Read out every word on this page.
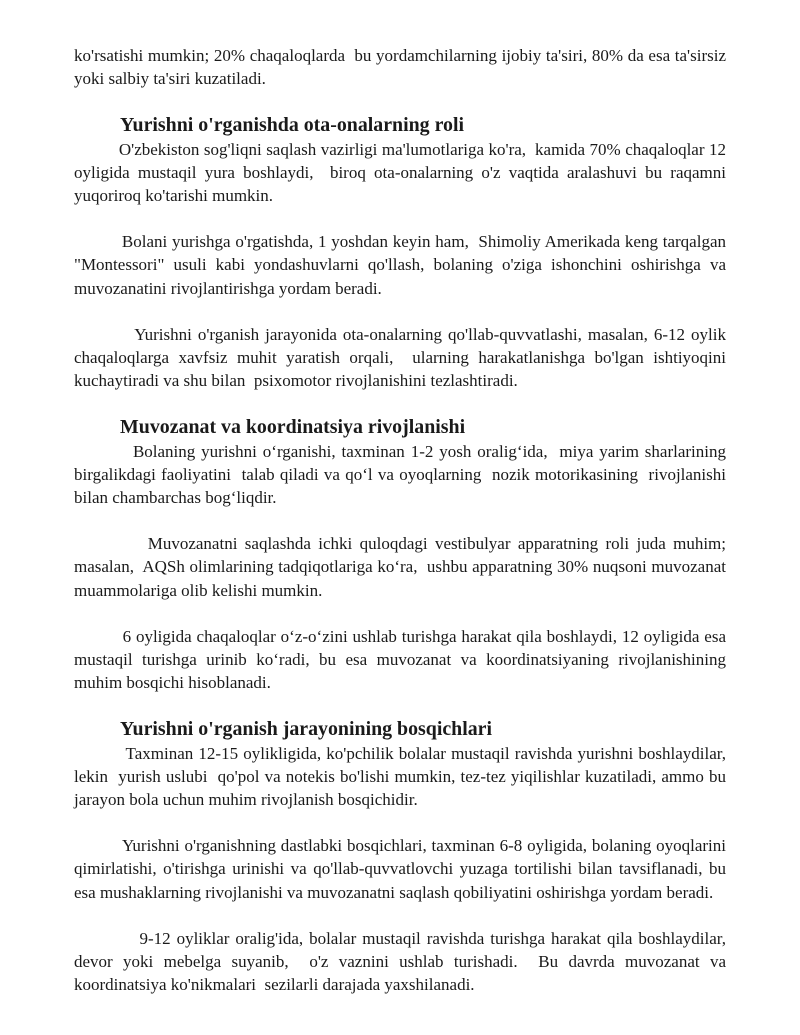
ko'rsatishi mumkin; 20% chaqaloqlarda  bu yordamchilarning ijobiy ta'siri, 80% da esa ta'sirsiz yoki salbiy ta'siri kuzatiladi.

Yurishni o'rganishda ota-onalarning roli

O'zbekiston sog'liqni saqlash vazirligi ma'lumotlariga ko'ra,  kamida 70% chaqaloqlar 12 oyligida mustaqil yura boshlaydi,  biroq ota-onalarning o'z vaqtida aralashuvi bu raqamni yuqoriroq ko'tarishi mumkin.

Bolani yurishga o'rgatishda, 1 yoshdan keyin ham,  Shimoliy Amerikada keng tarqalgan  "Montessori" usuli kabi yondashuvlarni qo'llash, bolaning o'ziga ishonchini oshirishga va muvozanatini rivojlantirishga yordam beradi.

Yurishni o'rganish jarayonida ota-onalarning qo'llab-quvvatlashi, masalan, 6-12 oylik chaqaloqlarga xavfsiz muhit yaratish orqali,  ularning harakatlanishga bo'lgan ishtiyoqini kuchaytiradi va shu bilan  psixomotor rivojlanishini tezlashtiradi.

Muvozanat va koordinatsiya rivojlanishi

Bolaning yurishni o‘rganishi, taxminan 1-2 yosh oralig‘ida,  miya yarim sharlarining birgalikdagi faoliyatini  talab qiladi va qo‘l va oyoqlarning  nozik motorikasining  rivojlanishi bilan chambarchas bog‘liqdir.

Muvozanatni saqlashda ichki quloqdagi vestibulyar apparatning roli juda muhim; masalan,  AQSh olimlarining tadqiqotlariga ko‘ra,  ushbu apparatning 30% nuqsoni muvozanat muammolariga olib kelishi mumkin.

6 oyligida chaqaloqlar o‘z-o‘zini ushlab turishga harakat qila boshlaydi, 12 oyligida esa mustaqil turishga urinib ko‘radi, bu esa muvozanat va koordinatsiyaning rivojlanishining muhim bosqichi hisoblanadi.

Yurishni o'rganish jarayonining bosqichlari

Taxminan 12-15 oylikligida, ko'pchilik bolalar mustaqil ravishda yurishni boshlaydilar,  lekin  yurish uslubi  qo'pol va notekis bo'lishi mumkin, tez-tez yiqilishlar kuzatiladi, ammo bu jarayon bola uchun muhim rivojlanish bosqichidir.

Yurishni o'rganishning dastlabki bosqichlari, taxminan 6-8 oyligida, bolaning oyoqlarini qimirlatishi, o'tirishga urinishi va qo'llab-quvvatlovchi yuzaga tortilishi bilan tavsiflanadi, bu esa mushaklarning rivojlanishi va muvozanatni saqlash qobiliyatini oshirishga yordam beradi.

9-12 oyliklar oralig'ida, bolalar mustaqil ravishda turishga harakat qila boshlaydilar, devor yoki mebelga suyanib,  o'z vaznini ushlab turishadi.  Bu davrda muvozanat va koordinatsiya ko'nikmalari  sezilarli darajada yaxshilanadi.
